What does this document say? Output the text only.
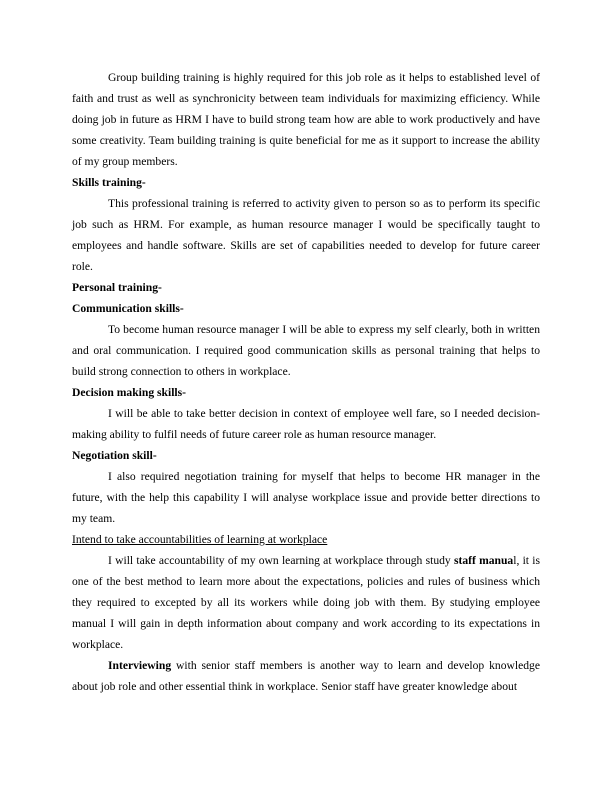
Group building training is highly required for this job role as it helps to established level of faith and trust as well as synchronicity between team individuals for maximizing efficiency. While doing job in future as HRM I have to build strong team how are able to work productively and have some creativity. Team building training is quite beneficial for me as it support to increase the ability of my group members.

Skills training-

This professional training is referred to activity given to person so as to perform its specific job such as HRM. For example, as human resource manager I would be specifically taught to employees and handle software. Skills are set of capabilities needed to develop for future career role.

Personal training-

Communication skills-

To become human resource manager I will be able to express my self clearly, both in written and oral communication. I required good communication skills as personal training that helps to build strong connection to others in workplace.

Decision making skills-

I will be able to take better decision in context of employee well fare, so I needed decision-making ability to fulfil needs of future career role as human resource manager.

Negotiation skill-

I also required negotiation training for myself that helps to become HR manager in the future, with the help this capability I will analyse workplace issue and provide better directions to my team.

Intend to take accountabilities of learning at workplace

I will take accountability of my own learning at workplace through study staff manual, it is one of the best method to learn more about the expectations, policies and rules of business which they required to excepted by all its workers while doing job with them. By studying employee manual I will gain in depth information about company and work according to its expectations in workplace.

Interviewing with senior staff members is another way to learn and develop knowledge about job role and other essential think in workplace. Senior staff have greater knowledge about
